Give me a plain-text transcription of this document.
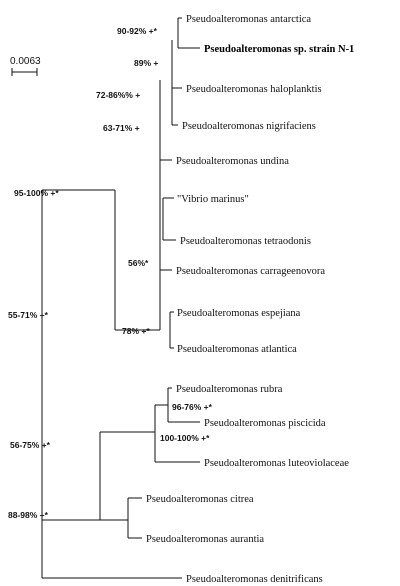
0.0063
Pseudoalteromonas antarctica
Pseudoalteromonas sp. strain N-1
Pseudoalteromonas haloplanktis
Pseudoalteromonas nigrifaciens
Pseudoalteromonas undina
"Vibrio marinus"
Pseudoalteromonas tetraodonis
Pseudoalteromonas carrageenovora
Pseudoalteromonas espejiana
Pseudoalteromonas atlantica
Pseudoalteromonas rubra
Pseudoalteromonas piscicida
Pseudoalteromonas luteoviolaceae
Pseudoalteromonas citrea
Pseudoalteromonas aurantia
Pseudoalteromonas denitrificans
90-92% +*
89% +
72-86%% +
63-71% +
95-100% +*
56%*
55-71% +*
78% +*
96-76% +*
100-100% +*
56-75% +*
88-98% +*
